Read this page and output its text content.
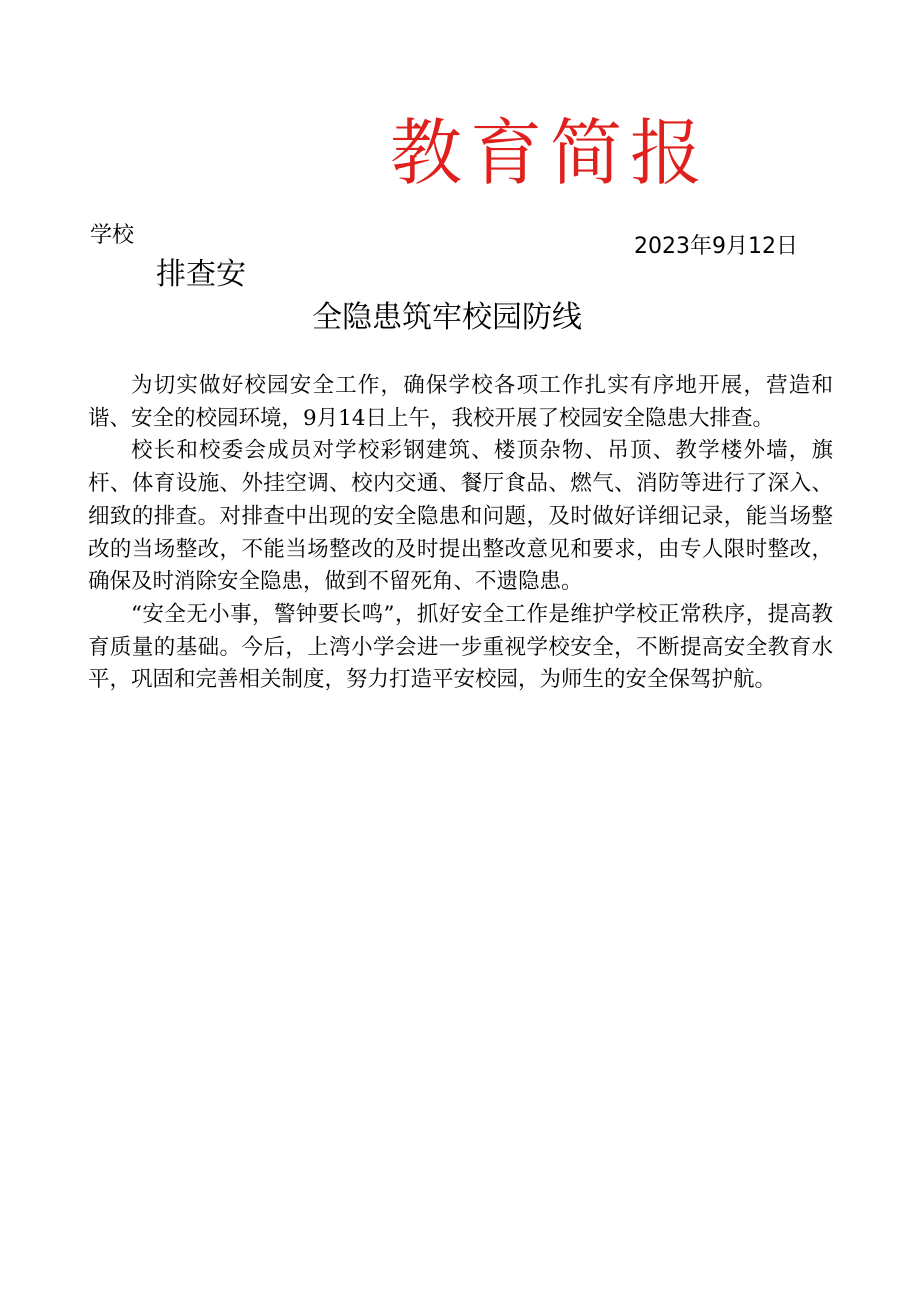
教育简报
学校	2023年9月12日
排查安
全隐患筑牢校园防线

为切实做好校园安全工作，确保学校各项工作扎实有序地开展，营造和谐、安全的校园环境，9月14日上午，我校开展了校园安全隐患大排查。

校长和校委会成员对学校彩钢建筑、楼顶杂物、吊顶、教学楼外墙，旗杆、体育设施、外挂空调、校内交通、餐厅食品、燃气、消防等进行了深入、细致的排查。对排查中出现的安全隐患和问题，及时做好详细记录，能当场整改的当场整改，不能当场整改的及时提出整改意见和要求，由专人限时整改，确保及时消除安全隐患，做到不留死角、不遗隐患。

“安全无小事，警钟要长鸣”，抓好安全工作是维护学校正常秩序，提高教育质量的基础。今后，上湾小学会进一步重视学校安全，不断提高安全教育水平，巩固和完善相关制度，努力打造平安校园，为师生的安全保驾护航。
